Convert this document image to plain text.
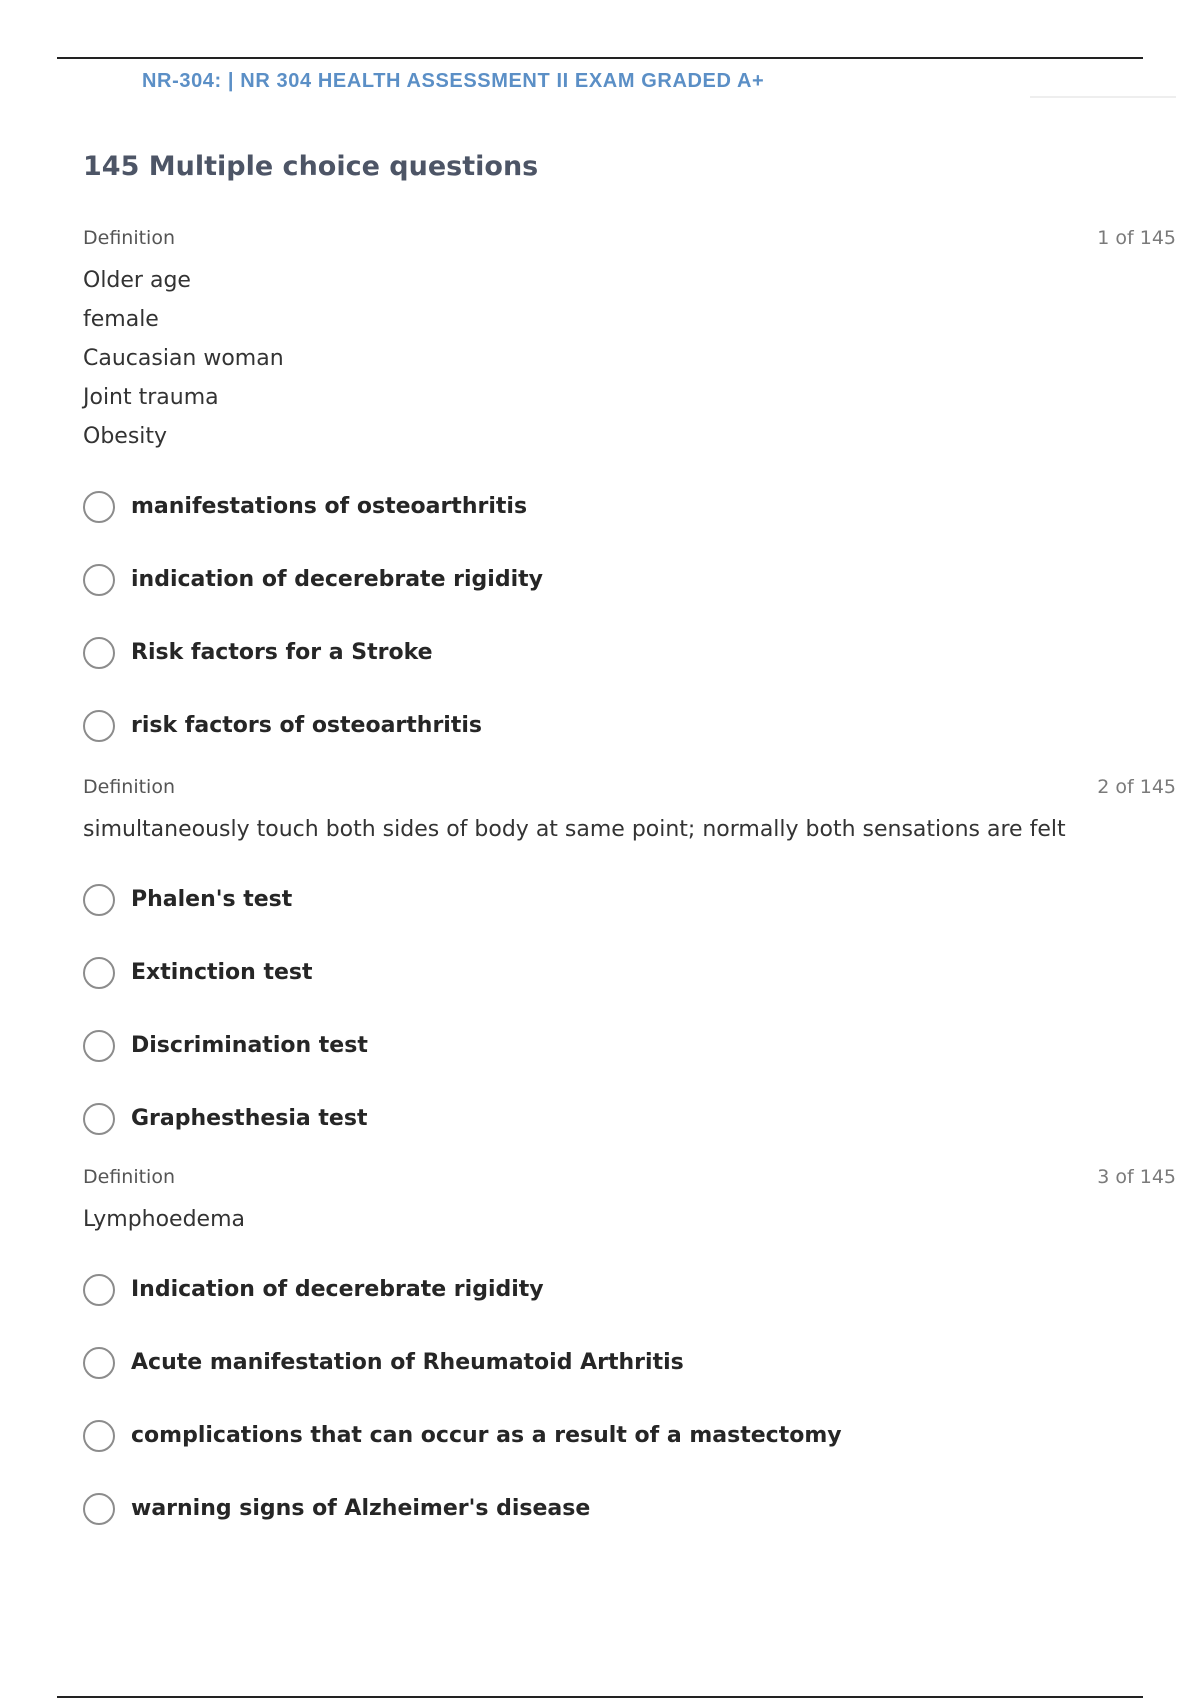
NR-304: | NR 304 HEALTH ASSESSMENT II EXAM GRADED A+
145 Multiple choice questions
Definition	1 of 145
Older age
female
Caucasian woman
Joint trauma
Obesity
manifestations of osteoarthritis
indication of decerebrate rigidity
Risk factors for a Stroke
risk factors of osteoarthritis
Definition	2 of 145
simultaneously touch both sides of body at same point; normally both sensations are felt
Phalen's test
Extinction test
Discrimination test
Graphesthesia test
Definition	3 of 145
Lymphoedema
Indication of decerebrate rigidity
Acute manifestation of Rheumatoid Arthritis
complications that can occur as a result of a mastectomy
warning signs of Alzheimer's disease
